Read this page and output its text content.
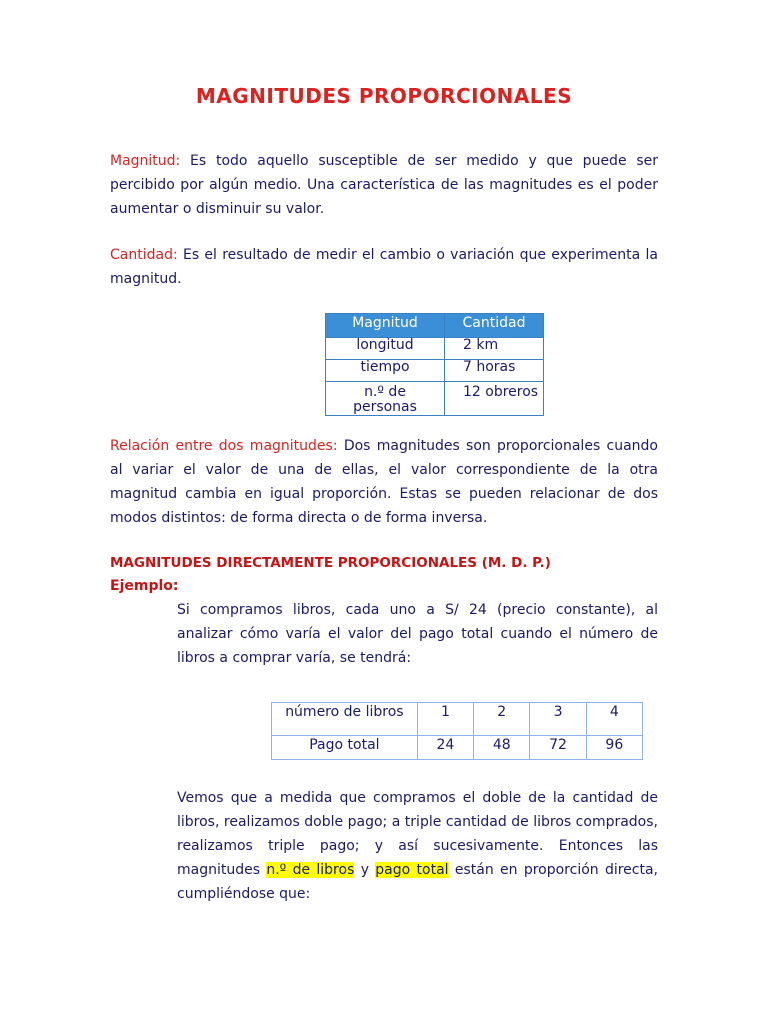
MAGNITUDES PROPORCIONALES
Magnitud: Es todo aquello susceptible de ser medido y que puede ser percibido por algún medio. Una característica de las magnitudes es el poder aumentar o disminuir su valor.
Cantidad: Es el resultado de medir el cambio o variación que experimenta la magnitud.
Magnitud	Cantidad
longitud	2 km
tiempo	7 horas
n.º de personas	12 obreros
Relación entre dos magnitudes: Dos magnitudes son proporcionales cuando al variar el valor de una de ellas, el valor correspondiente de la otra magnitud cambia en igual proporción. Estas se pueden relacionar de dos modos distintos: de forma directa o de forma inversa.
MAGNITUDES DIRECTAMENTE PROPORCIONALES (M. D. P.)
Ejemplo:
Si compramos libros, cada uno a S/ 24 (precio constante), al analizar cómo varía el valor del pago total cuando el número de libros a comprar varía, se tendrá:
número de libros	1	2	3	4
Pago total	24	48	72	96
Vemos que a medida que compramos el doble de la cantidad de libros, realizamos doble pago; a triple cantidad de libros comprados, realizamos triple pago; y así sucesivamente. Entonces las magnitudes n.º de libros y pago total están en proporción directa, cumpliéndose que:
